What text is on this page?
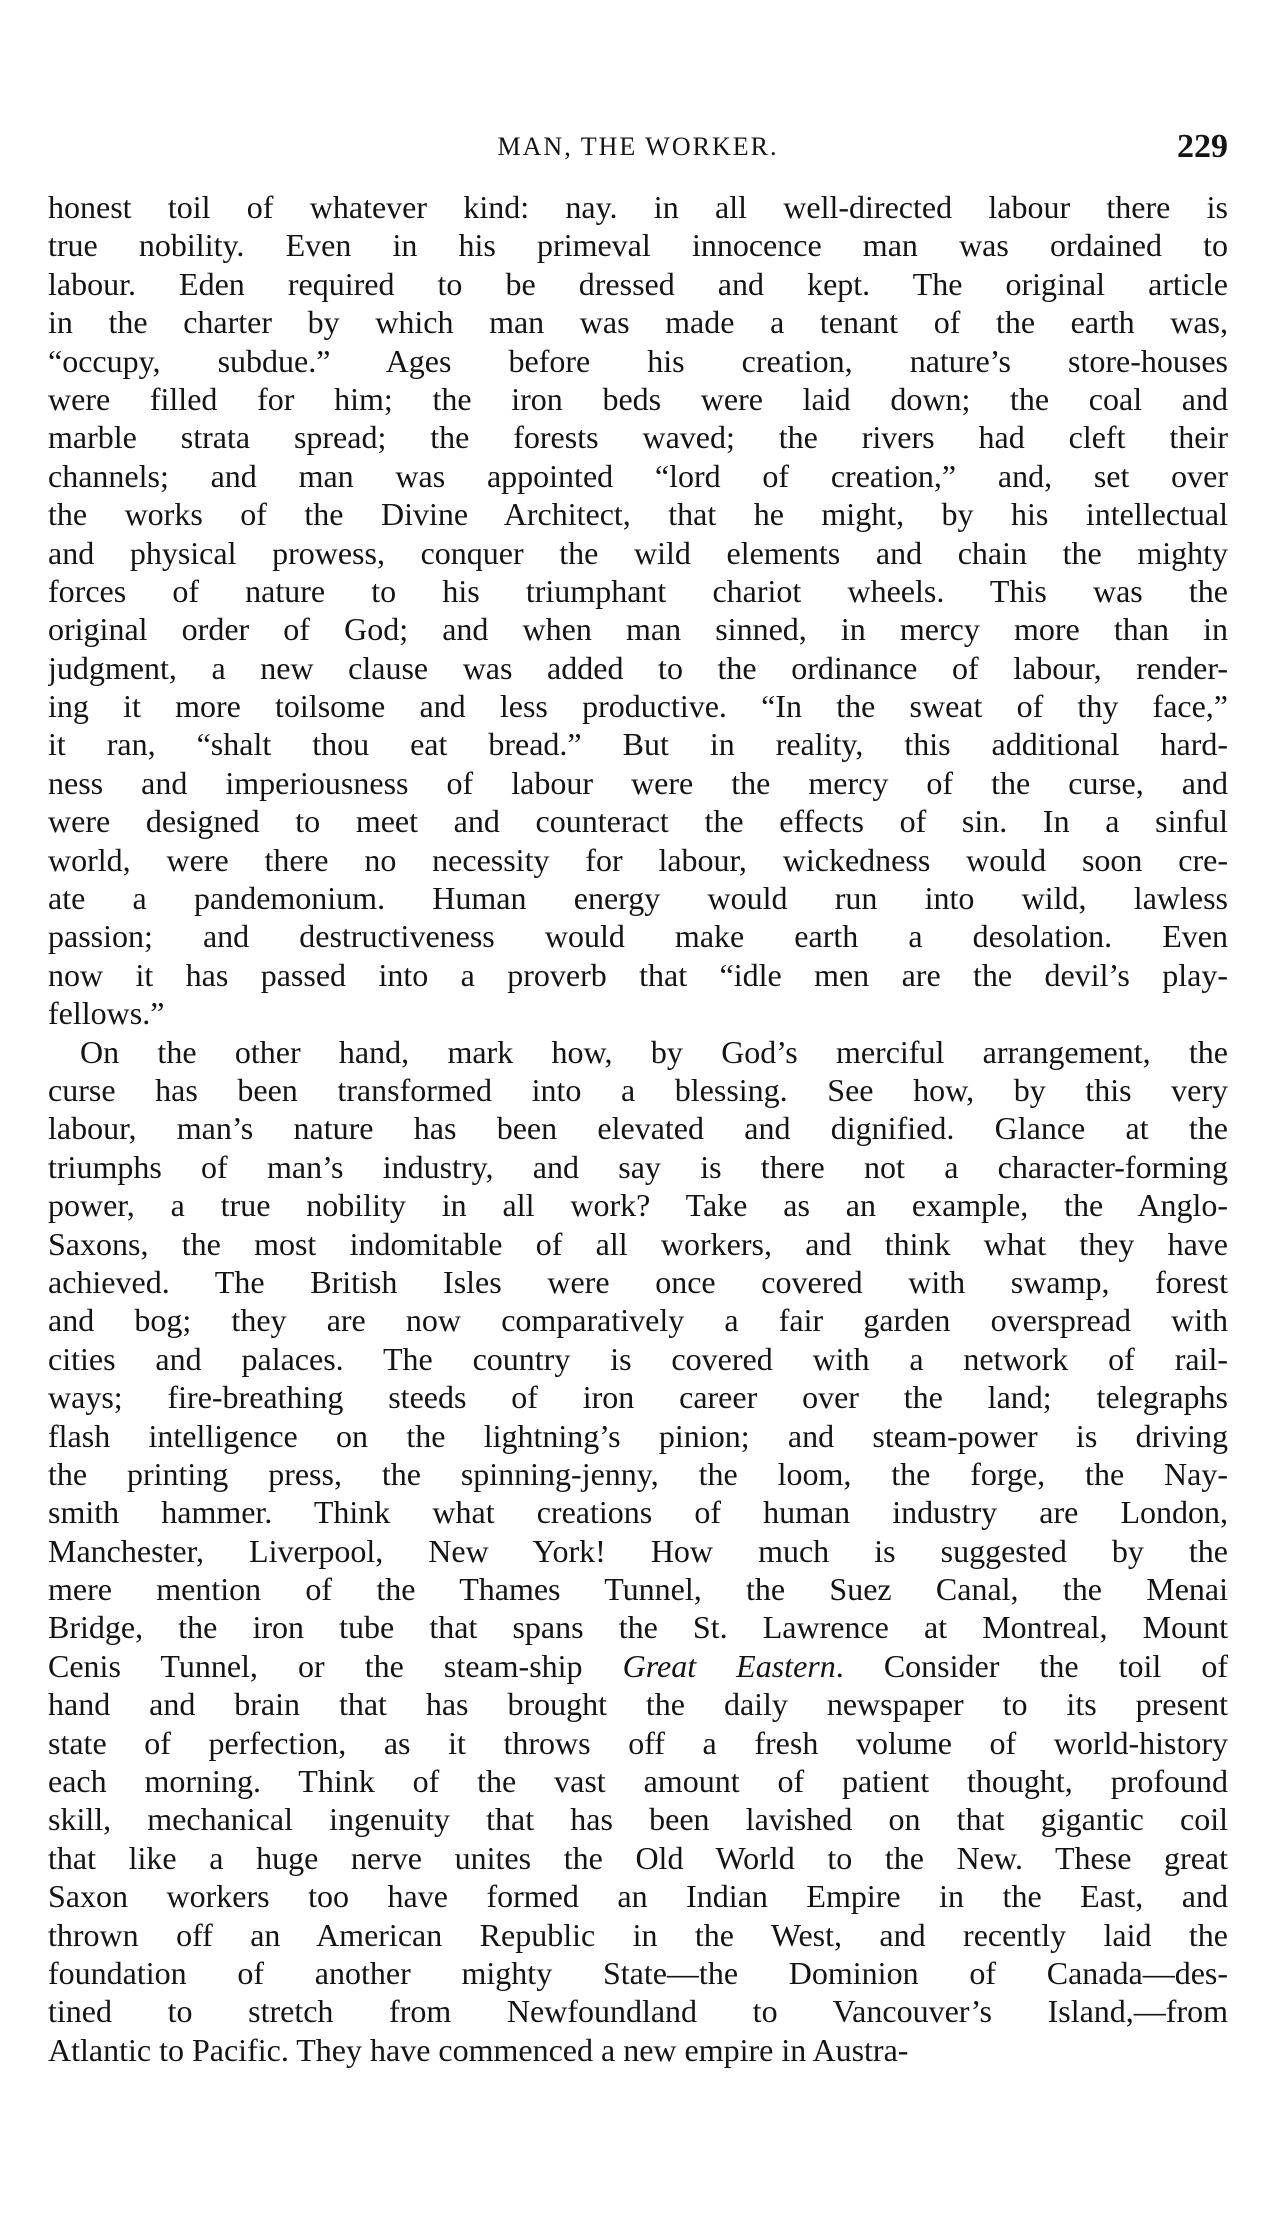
MAN, THE WORKER.	229
honest toil of whatever kind: nay. in all well-directed labour there is
true nobility. Even in his primeval innocence man was ordained to
labour. Eden required to be dressed and kept. The original article
in the charter by which man was made a tenant of the earth was,
“occupy, subdue.” Ages before his creation, nature’s store-houses
were filled for him; the iron beds were laid down; the coal and
marble strata spread; the forests waved; the rivers had cleft their
channels; and man was appointed “lord of creation,” and, set over
the works of the Divine Architect, that he might, by his intellectual
and physical prowess, conquer the wild elements and chain the mighty
forces of nature to his triumphant chariot wheels. This was the
original order of God; and when man sinned, in mercy more than in
judgment, a new clause was added to the ordinance of labour, render-
ing it more toilsome and less productive. “In the sweat of thy face,”
it ran, “shalt thou eat bread.” But in reality, this additional hard-
ness and imperiousness of labour were the mercy of the curse, and
were designed to meet and counteract the effects of sin. In a sinful
world, were there no necessity for labour, wickedness would soon cre-
ate a pandemonium. Human energy would run into wild, lawless
passion; and destructiveness would make earth a desolation. Even
now it has passed into a proverb that “idle men are the devil’s play-
fellows.”
On the other hand, mark how, by God’s merciful arrangement, the
curse has been transformed into a blessing. See how, by this very
labour, man’s nature has been elevated and dignified. Glance at the
triumphs of man’s industry, and say is there not a character-forming
power, a true nobility in all work? Take as an example, the Anglo-
Saxons, the most indomitable of all workers, and think what they have
achieved. The British Isles were once covered with swamp, forest
and bog; they are now comparatively a fair garden overspread with
cities and palaces. The country is covered with a network of rail-
ways; fire-breathing steeds of iron career over the land; telegraphs
flash intelligence on the lightning’s pinion; and steam-power is driving
the printing press, the spinning-jenny, the loom, the forge, the Nay-
smith hammer. Think what creations of human industry are London,
Manchester, Liverpool, New York! How much is suggested by the
mere mention of the Thames Tunnel, the Suez Canal, the Menai
Bridge, the iron tube that spans the St. Lawrence at Montreal, Mount
Cenis Tunnel, or the steam-ship Great Eastern. Consider the toil of
hand and brain that has brought the daily newspaper to its present
state of perfection, as it throws off a fresh volume of world-history
each morning. Think of the vast amount of patient thought, profound
skill, mechanical ingenuity that has been lavished on that gigantic coil
that like a huge nerve unites the Old World to the New. These great
Saxon workers too have formed an Indian Empire in the East, and
thrown off an American Republic in the West, and recently laid the
foundation of another mighty State—the Dominion of Canada—des-
tined to stretch from Newfoundland to Vancouver’s Island,—from
Atlantic to Pacific. They have commenced a new empire in Austra-
